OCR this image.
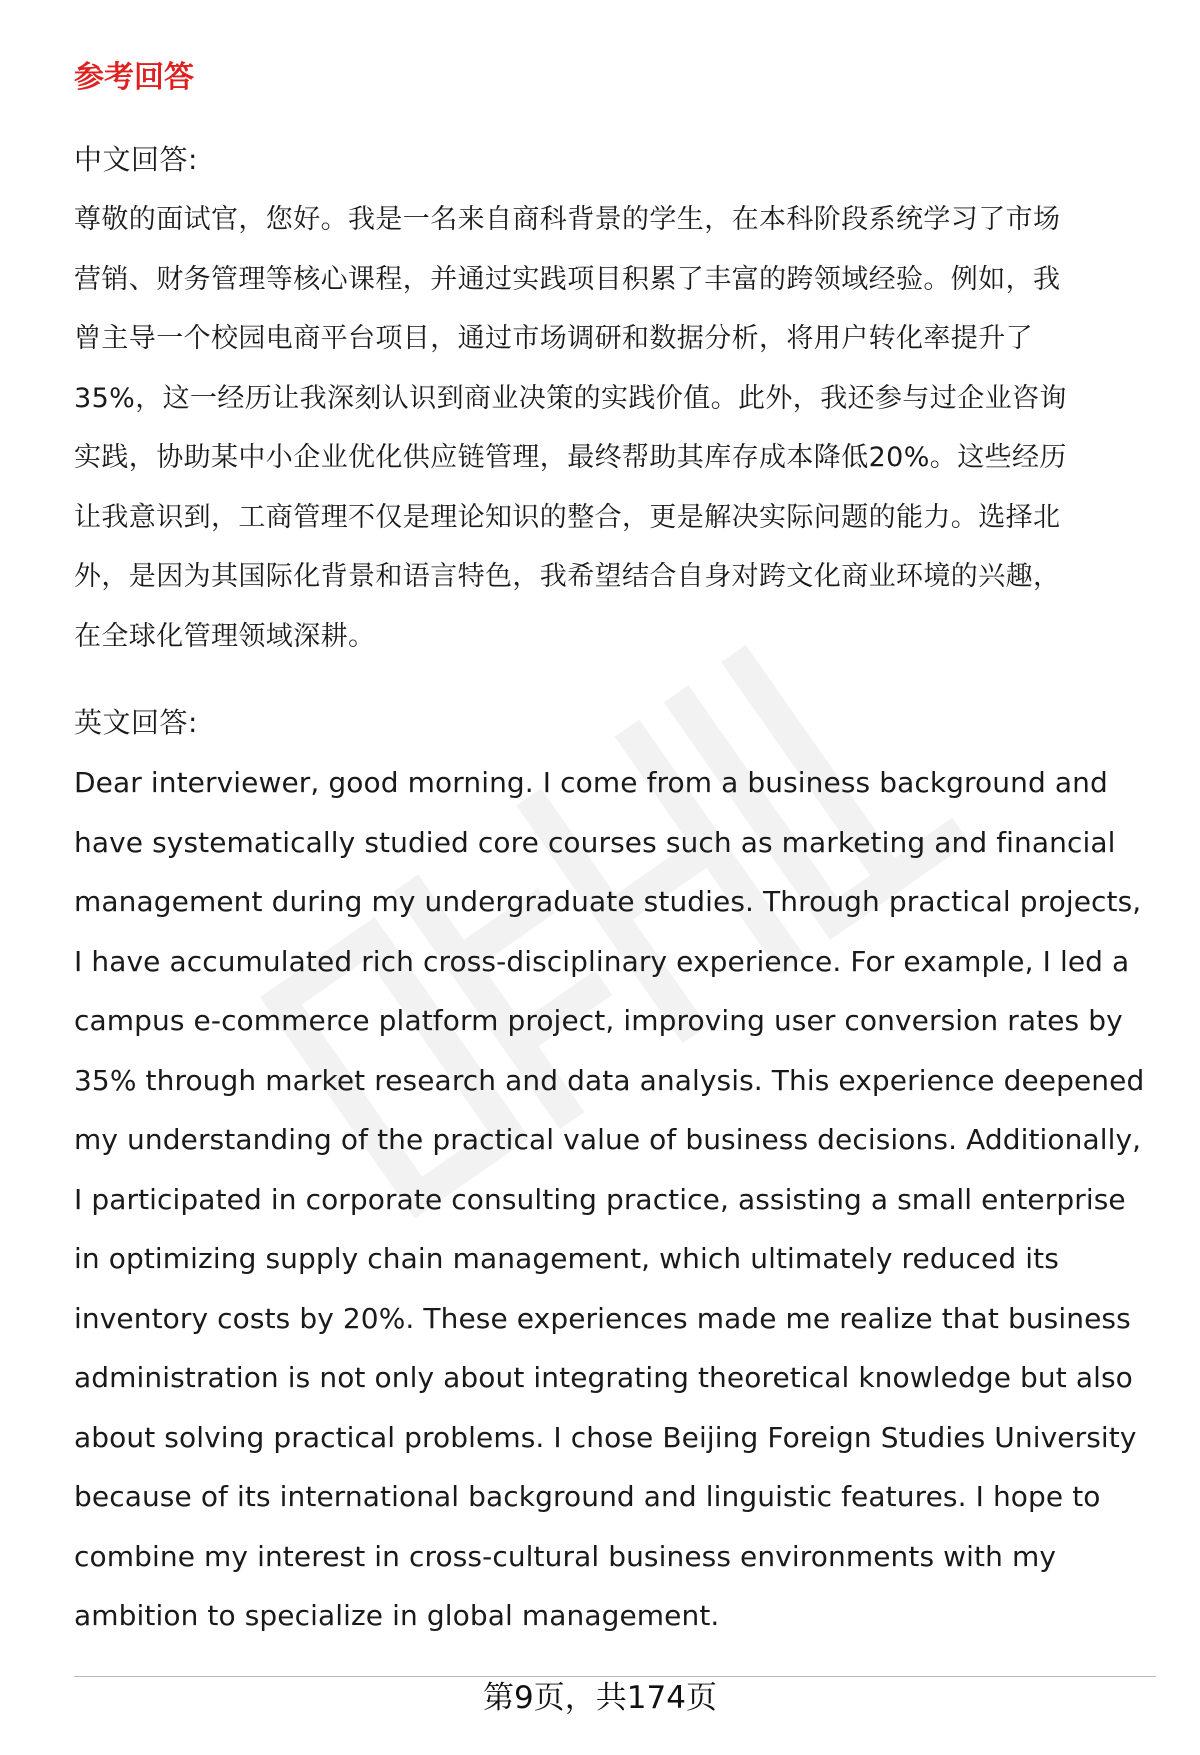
参考回答

中文回答:

尊敬的面试官，您好。我是一名来自商科背景的学生，在本科阶段系统学习了市场
营销、财务管理等核心课程，并通过实践项目积累了丰富的跨领域经验。例如，我
曾主导一个校园电商平台项目，通过市场调研和数据分析，将用户转化率提升了
35%，这一经历让我深刻认识到商业决策的实践价值。此外，我还参与过企业咨询
实践，协助某中小企业优化供应链管理，最终帮助其库存成本降低20%。这些经历
让我意识到，工商管理不仅是理论知识的整合，更是解决实际问题的能力。选择北
外，是因为其国际化背景和语言特色，我希望结合自身对跨文化商业环境的兴趣，
在全球化管理领域深耕。

英文回答:

Dear interviewer, good morning. I come from a business background and
have systematically studied core courses such as marketing and financial
management during my undergraduate studies. Through practical projects,
I have accumulated rich cross-disciplinary experience. For example, I led a
campus e-commerce platform project, improving user conversion rates by
35% through market research and data analysis. This experience deepened
my understanding of the practical value of business decisions. Additionally,
I participated in corporate consulting practice, assisting a small enterprise
in optimizing supply chain management, which ultimately reduced its
inventory costs by 20%. These experiences made me realize that business
administration is not only about integrating theoretical knowledge but also
about solving practical problems. I chose Beijing Foreign Studies University
because of its international background and linguistic features. I hope to
combine my interest in cross-cultural business environments with my
ambition to specialize in global management.

第9页，共174页
